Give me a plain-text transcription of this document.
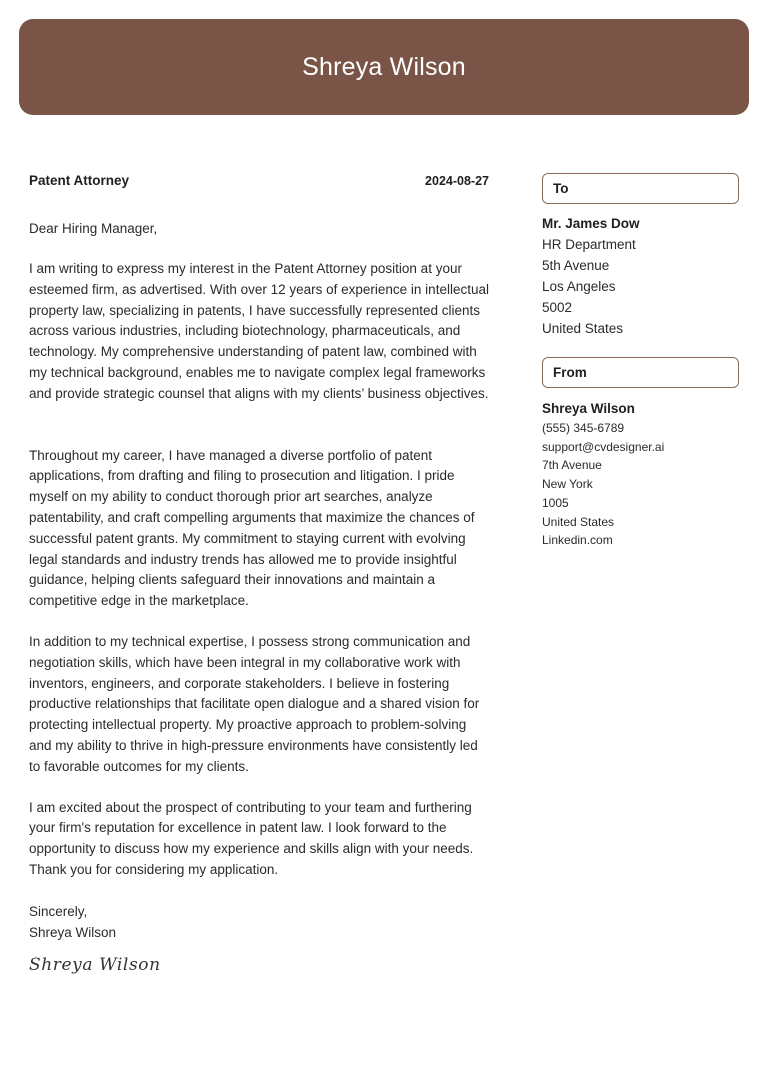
Shreya Wilson
Patent Attorney	2024-08-27
Dear Hiring Manager,
I am writing to express my interest in the Patent Attorney position at your esteemed firm, as advertised. With over 12 years of experience in intellectual property law, specializing in patents, I have successfully represented clients across various industries, including biotechnology, pharmaceuticals, and technology. My comprehensive understanding of patent law, combined with my technical background, enables me to navigate complex legal frameworks and provide strategic counsel that aligns with my clients’ business objectives.
Throughout my career, I have managed a diverse portfolio of patent applications, from drafting and filing to prosecution and litigation. I pride myself on my ability to conduct thorough prior art searches, analyze patentability, and craft compelling arguments that maximize the chances of successful patent grants. My commitment to staying current with evolving legal standards and industry trends has allowed me to provide insightful guidance, helping clients safeguard their innovations and maintain a competitive edge in the marketplace.
In addition to my technical expertise, I possess strong communication and negotiation skills, which have been integral in my collaborative work with inventors, engineers, and corporate stakeholders. I believe in fostering productive relationships that facilitate open dialogue and a shared vision for protecting intellectual property. My proactive approach to problem-solving and my ability to thrive in high-pressure environments have consistently led to favorable outcomes for my clients.
I am excited about the prospect of contributing to your team and furthering your firm's reputation for excellence in patent law. I look forward to the opportunity to discuss how my experience and skills align with your needs. Thank you for considering my application.
Sincerely,
Shreya Wilson
Shreya Wilson
To
Mr. James Dow
HR Department
5th Avenue
Los Angeles
5002
United States
From
Shreya Wilson
(555) 345-6789
support@cvdesigner.ai
7th Avenue
New York
1005
United States
Linkedin.com
